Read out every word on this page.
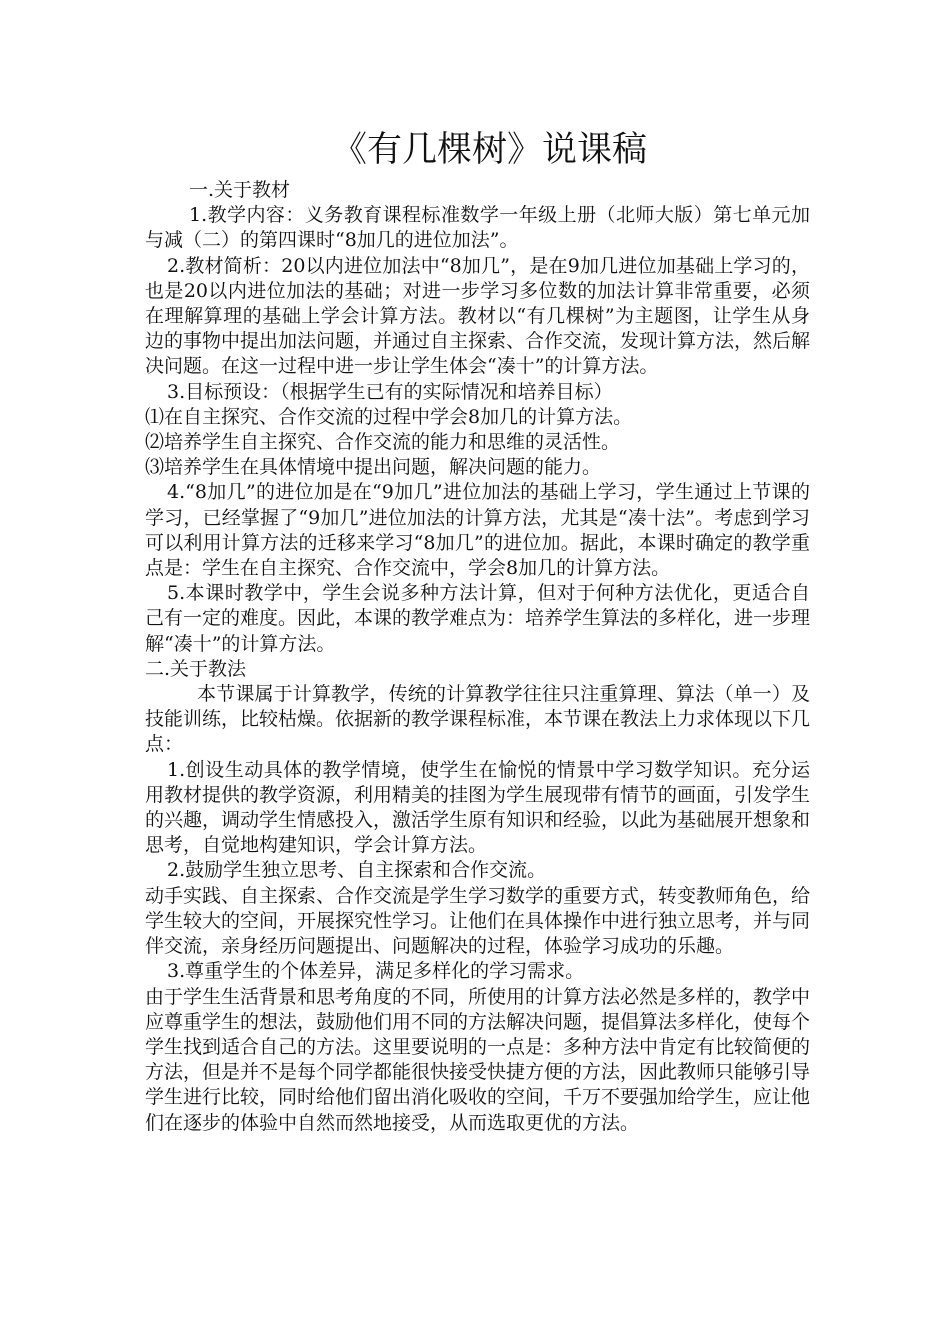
《有几棵树》说课稿

一.关于教材

1.教学内容：义务教育课程标准数学一年级上册（北师大版）第七单元加与减（二）的第四课时“8加几的进位加法”。

2.教材简析：20以内进位加法中“8加几”，是在9加几进位加基础上学习的，也是20以内进位加法的基础；对进一步学习多位数的加法计算非常重要，必须在理解算理的基础上学会计算方法。教材以“有几棵树”为主题图，让学生从身边的事物中提出加法问题，并通过自主探索、合作交流，发现计算方法，然后解决问题。在这一过程中进一步让学生体会“凑十”的计算方法。

3.目标预设：（根据学生已有的实际情况和培养目标）

⑴在自主探究、合作交流的过程中学会8加几的计算方法。

⑵培养学生自主探究、合作交流的能力和思维的灵活性。

⑶培养学生在具体情境中提出问题，解决问题的能力。

4.“8加几”的进位加是在“9加几”进位加法的基础上学习，学生通过上节课的学习，已经掌握了“9加几”进位加法的计算方法，尤其是“凑十法”。考虑到学习可以利用计算方法的迁移来学习“8加几”的进位加。据此，本课时确定的教学重点是：学生在自主探究、合作交流中，学会8加几的计算方法。

5.本课时教学中，学生会说多种方法计算，但对于何种方法优化，更适合自己有一定的难度。因此，本课的教学难点为：培养学生算法的多样化，进一步理解“凑十”的计算方法。

二.关于教法

本节课属于计算教学，传统的计算教学往往只注重算理、算法（单一）及技能训练，比较枯燥。依据新的教学课程标准，本节课在教法上力求体现以下几点：

1.创设生动具体的教学情境，使学生在愉悦的情景中学习数学知识。充分运用教材提供的教学资源，利用精美的挂图为学生展现带有情节的画面，引发学生的兴趣，调动学生情感投入，激活学生原有知识和经验，以此为基础展开想象和思考，自觉地构建知识，学会计算方法。

2.鼓励学生独立思考、自主探索和合作交流。

动手实践、自主探索、合作交流是学生学习数学的重要方式，转变教师角色，给学生较大的空间，开展探究性学习。让他们在具体操作中进行独立思考，并与同伴交流，亲身经历问题提出、问题解决的过程，体验学习成功的乐趣。

3.尊重学生的个体差异，满足多样化的学习需求。

由于学生生活背景和思考角度的不同，所使用的计算方法必然是多样的，教学中应尊重学生的想法，鼓励他们用不同的方法解决问题，提倡算法多样化，使每个学生找到适合自己的方法。这里要说明的一点是：多种方法中肯定有比较简便的方法，但是并不是每个同学都能很快接受快捷方便的方法，因此教师只能够引导学生进行比较，同时给他们留出消化吸收的空间，千万不要强加给学生，应让他们在逐步的体验中自然而然地接受，从而选取更优的方法。
